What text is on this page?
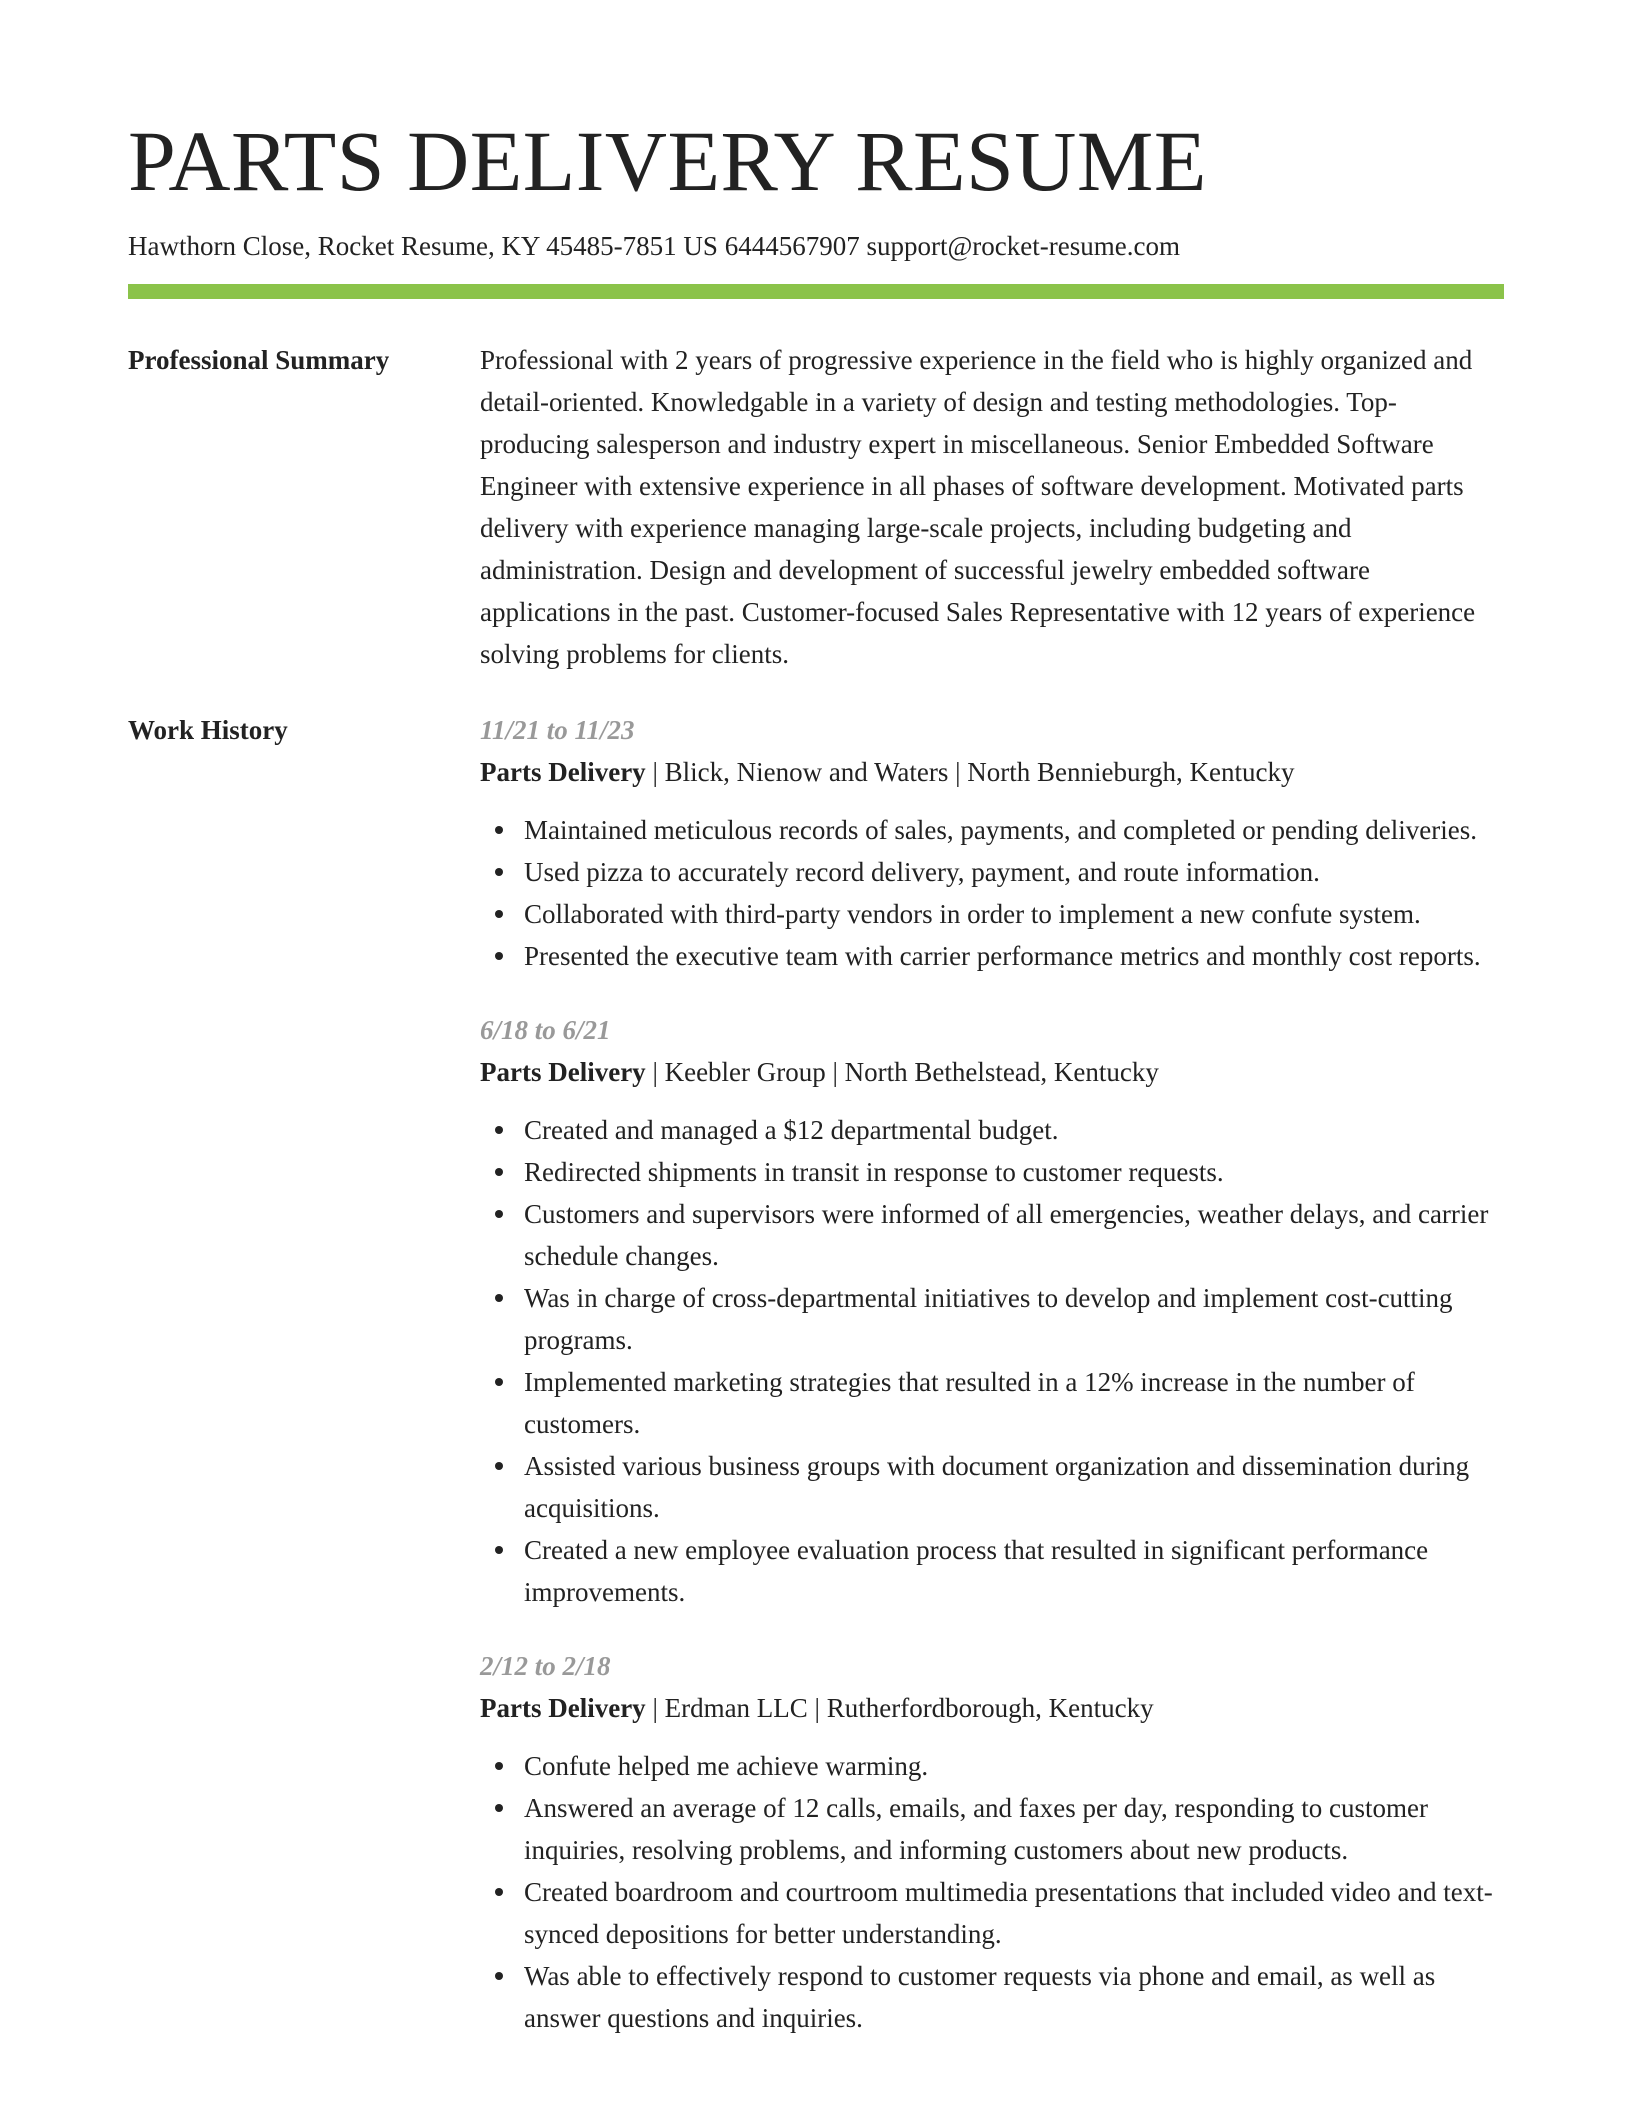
PARTS DELIVERY RESUME
Hawthorn Close, Rocket Resume, KY 45485-7851 US 6444567907 support@rocket-resume.com
Professional Summary	Professional with 2 years of progressive experience in the field who is highly organized and detail-oriented. Knowledgable in a variety of design and testing methodologies. Top-producing salesperson and industry expert in miscellaneous. Senior Embedded Software Engineer with extensive experience in all phases of software development. Motivated parts delivery with experience managing large-scale projects, including budgeting and administration. Design and development of successful jewelry embedded software applications in the past. Customer-focused Sales Representative with 12 years of experience solving problems for clients.

Work History	11/21 to 11/23
Parts Delivery | Blick, Nienow and Waters | North Bennieburgh, Kentucky
Maintained meticulous records of sales, payments, and completed or pending deliveries.
Used pizza to accurately record delivery, payment, and route information.
Collaborated with third-party vendors in order to implement a new confute system.
Presented the executive team with carrier performance metrics and monthly cost reports.
6/18 to 6/21
Parts Delivery | Keebler Group | North Bethelstead, Kentucky
Created and managed a $12 departmental budget.
Redirected shipments in transit in response to customer requests.
Customers and supervisors were informed of all emergencies, weather delays, and carrier schedule changes.
Was in charge of cross-departmental initiatives to develop and implement cost-cutting programs.
Implemented marketing strategies that resulted in a 12% increase in the number of customers.
Assisted various business groups with document organization and dissemination during acquisitions.
Created a new employee evaluation process that resulted in significant performance improvements.
2/12 to 2/18
Parts Delivery | Erdman LLC | Rutherfordborough, Kentucky
Confute helped me achieve warming.
Answered an average of 12 calls, emails, and faxes per day, responding to customer inquiries, resolving problems, and informing customers about new products.
Created boardroom and courtroom multimedia presentations that included video and text-synced depositions for better understanding.
Was able to effectively respond to customer requests via phone and email, as well as answer questions and inquiries.
